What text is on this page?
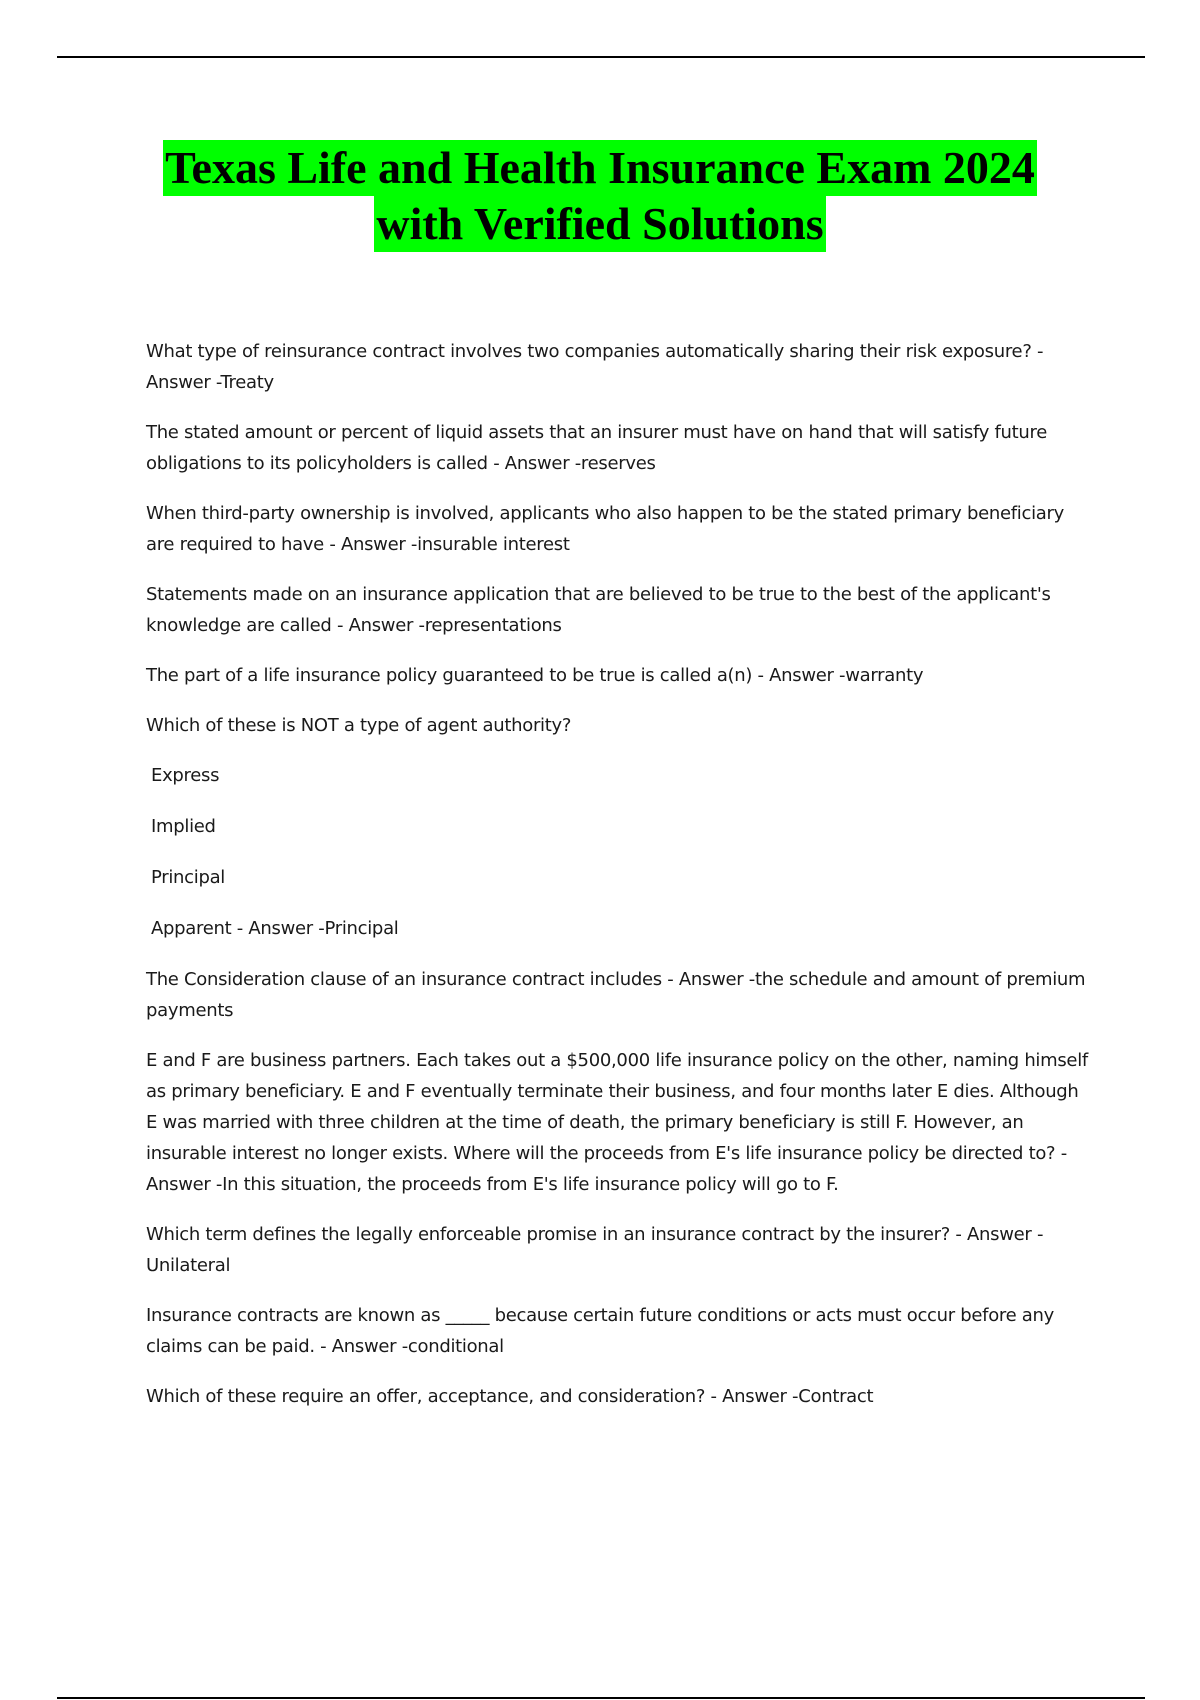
Texas Life and Health Insurance Exam 2024
with Verified Solutions

What type of reinsurance contract involves two companies automatically sharing their risk exposure? - Answer -Treaty

The stated amount or percent of liquid assets that an insurer must have on hand that will satisfy future obligations to its policyholders is called - Answer -reserves

When third-party ownership is involved, applicants who also happen to be the stated primary beneficiary are required to have - Answer -insurable interest

Statements made on an insurance application that are believed to be true to the best of the applicant's knowledge are called - Answer -representations

The part of a life insurance policy guaranteed to be true is called a(n) - Answer -warranty

Which of these is NOT a type of agent authority?

Express

Implied

Principal

Apparent - Answer -Principal

The Consideration clause of an insurance contract includes - Answer -the schedule and amount of premium payments

E and F are business partners. Each takes out a $500,000 life insurance policy on the other, naming himself as primary beneficiary. E and F eventually terminate their business, and four months later E dies. Although E was married with three children at the time of death, the primary beneficiary is still F. However, an insurable interest no longer exists. Where will the proceeds from E's life insurance policy be directed to? - Answer -In this situation, the proceeds from E's life insurance policy will go to F.

Which term defines the legally enforceable promise in an insurance contract by the insurer? - Answer -Unilateral

Insurance contracts are known as _____ because certain future conditions or acts must occur before any claims can be paid. - Answer -conditional

Which of these require an offer, acceptance, and consideration? - Answer -Contract
